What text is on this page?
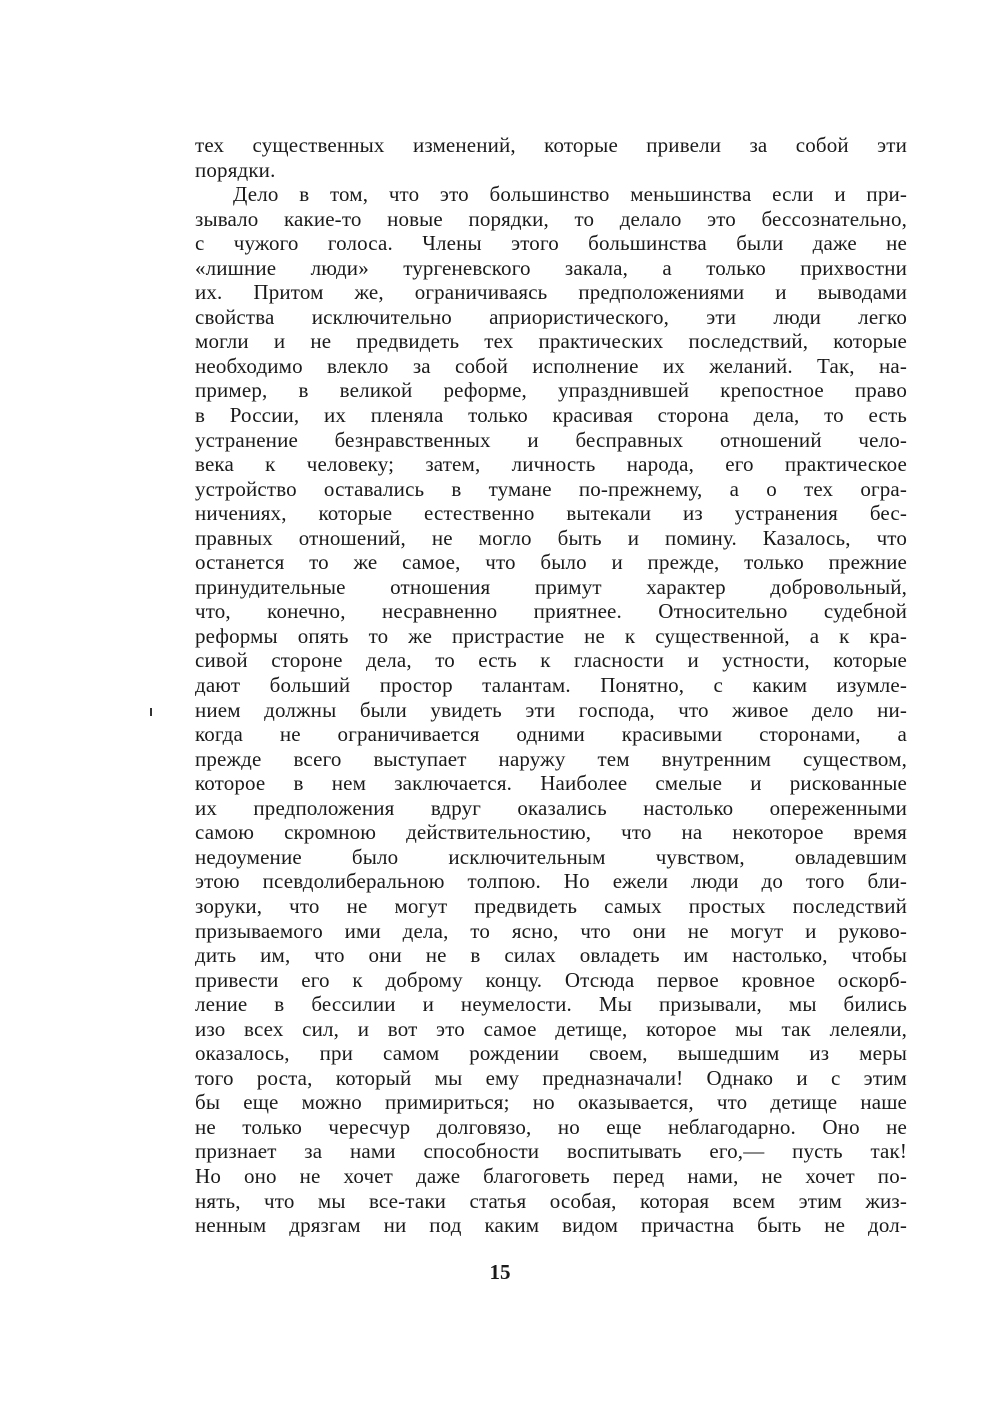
тех существенных изменений, которые привели за собой эти
порядки.
Дело в том, что это большинство меньшинства если и при-
зывало какие-то новые порядки, то делало это бессознательно,
с чужого голоса. Члены этого большинства были даже не
«лишние люди» тургеневского закала, а только прихвостни
их. Притом же, ограничиваясь предположениями и выводами
свойства исключительно априористического, эти люди легко
могли и не предвидеть тех практических последствий, которые
необходимо влекло за собой исполнение их желаний. Так, на-
пример, в великой реформе, упразднившей крепостное право
в России, их пленяла только красивая сторона дела, то есть
устранение безнравственных и бесправных отношений чело-
века к человеку; затем, личность народа, его практическое
устройство оставались в тумане по-прежнему, а о тех огра-
ничениях, которые естественно вытекали из устранения бес-
правных отношений, не могло быть и помину. Казалось, что
останется то же самое, что было и прежде, только прежние
принудительные отношения примут характер добровольный,
что, конечно, несравненно приятнее. Относительно судебной
реформы опять то же пристрастие не к существенной, а к кра-
сивой стороне дела, то есть к гласности и устности, которые
дают больший простор талантам. Понятно, с каким изумле-
нием должны были увидеть эти господа, что живое дело ни-
когда не ограничивается одними красивыми сторонами, а
прежде всего выступает наружу тем внутренним существом,
которое в нем заключается. Наиболее смелые и рискованные
их предположения вдруг оказались настолько опереженными
самою скромною действительностию, что на некоторое время
недоумение было исключительным чувством, овладевшим
этою псевдолиберальною толпою. Но ежели люди до того бли-
зоруки, что не могут предвидеть самых простых последствий
призываемого ими дела, то ясно, что они не могут и руково-
дить им, что они не в силах овладеть им настолько, чтобы
привести его к доброму концу. Отсюда первое кровное оскорб-
ление в бессилии и неумелости. Мы призывали, мы бились
изо всех сил, и вот это самое детище, которое мы так лелеяли,
оказалось, при самом рождении своем, вышедшим из меры
того роста, который мы ему предназначали! Однако и с этим
бы еще можно примириться; но оказывается, что детище наше
не только чересчур долговязо, но еще неблагодарно. Оно не
признает за нами способности воспитывать его,— пусть так!
Но оно не хочет даже благоговеть перед нами, не хочет по-
нять, что мы все-таки статья особая, которая всем этим жиз-
ненным дрязгам ни под каким видом причастна быть не дол-
15
